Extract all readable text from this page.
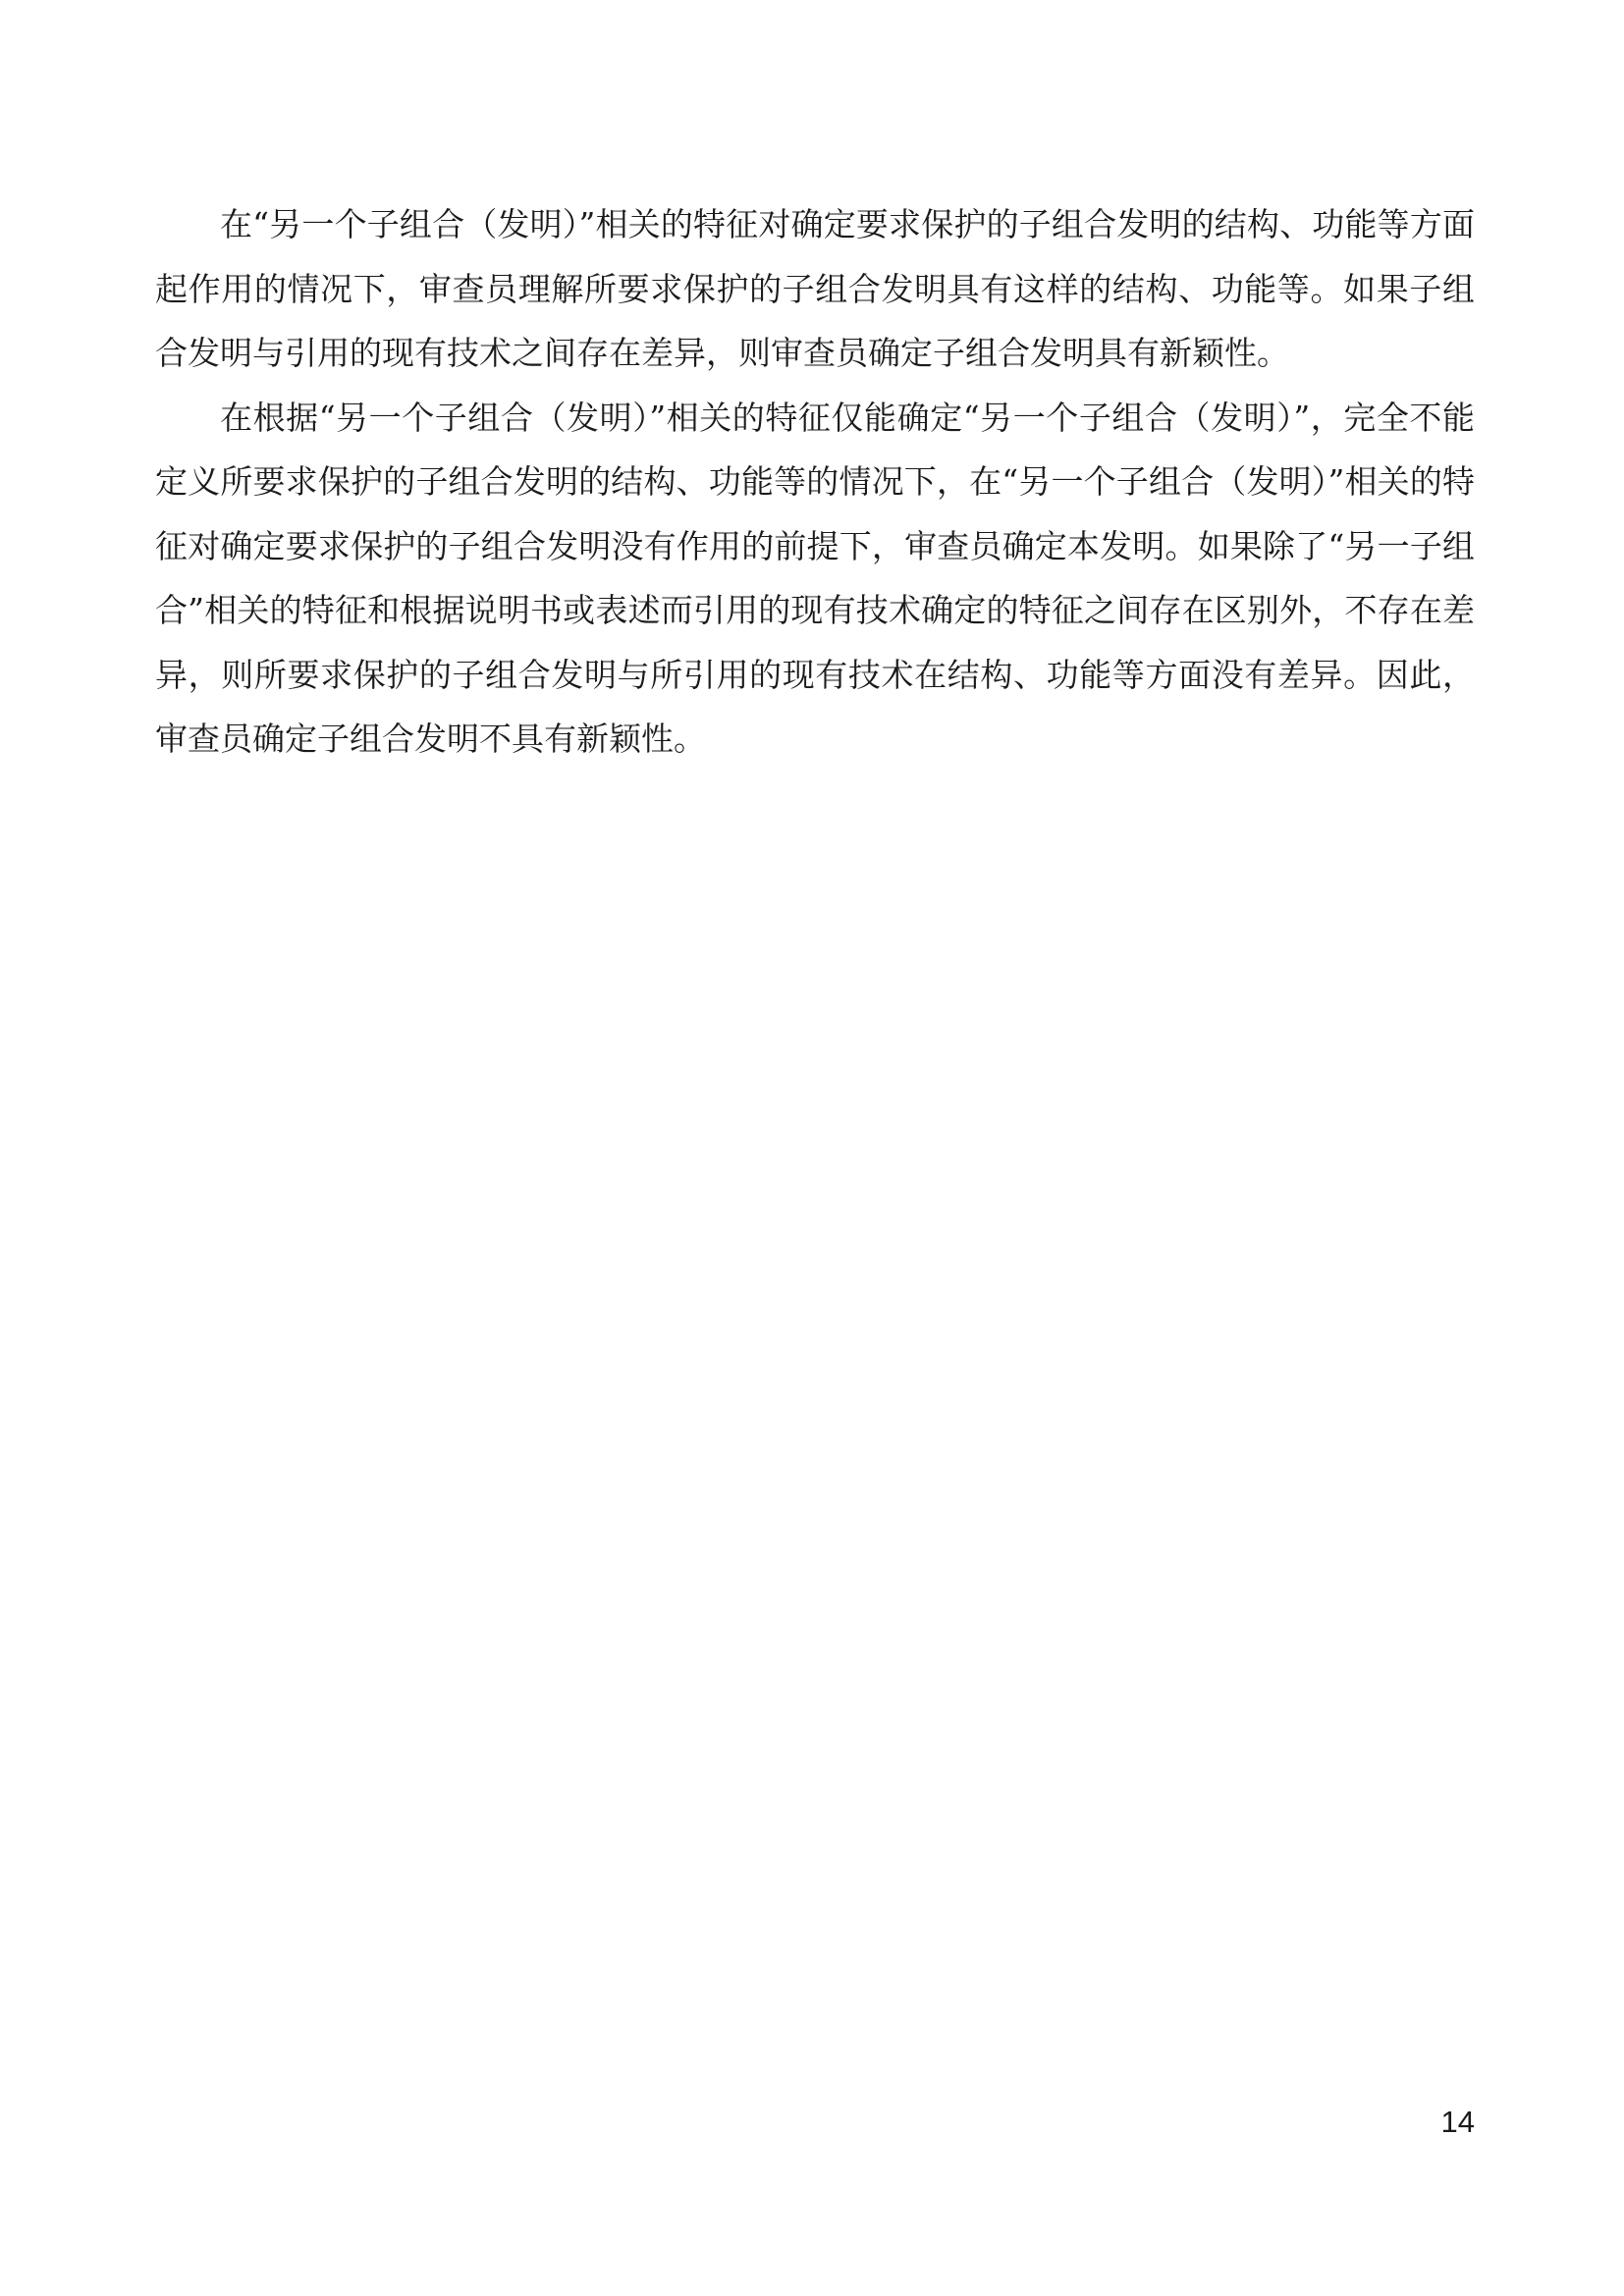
在“另一个子组合（发明）”相关的特征对确定要求保护的子组合发明的结构、功能等方面起作用的情况下，审查员理解所要求保护的子组合发明具有这样的结构、功能等。如果子组合发明与引用的现有技术之间存在差异，则审查员确定子组合发明具有新颖性。

在根据“另一个子组合（发明）”相关的特征仅能确定“另一个子组合（发明）”，完全不能定义所要求保护的子组合发明的结构、功能等的情况下，在“另一个子组合（发明）”相关的特征对确定要求保护的子组合发明没有作用的前提下，审查员确定本发明。如果除了“另一子组合”相关的特征和根据说明书或表述而引用的现有技术确定的特征之间存在区别外，不存在差异，则所要求保护的子组合发明与所引用的现有技术在结构、功能等方面没有差异。因此，审查员确定子组合发明不具有新颖性。

14
